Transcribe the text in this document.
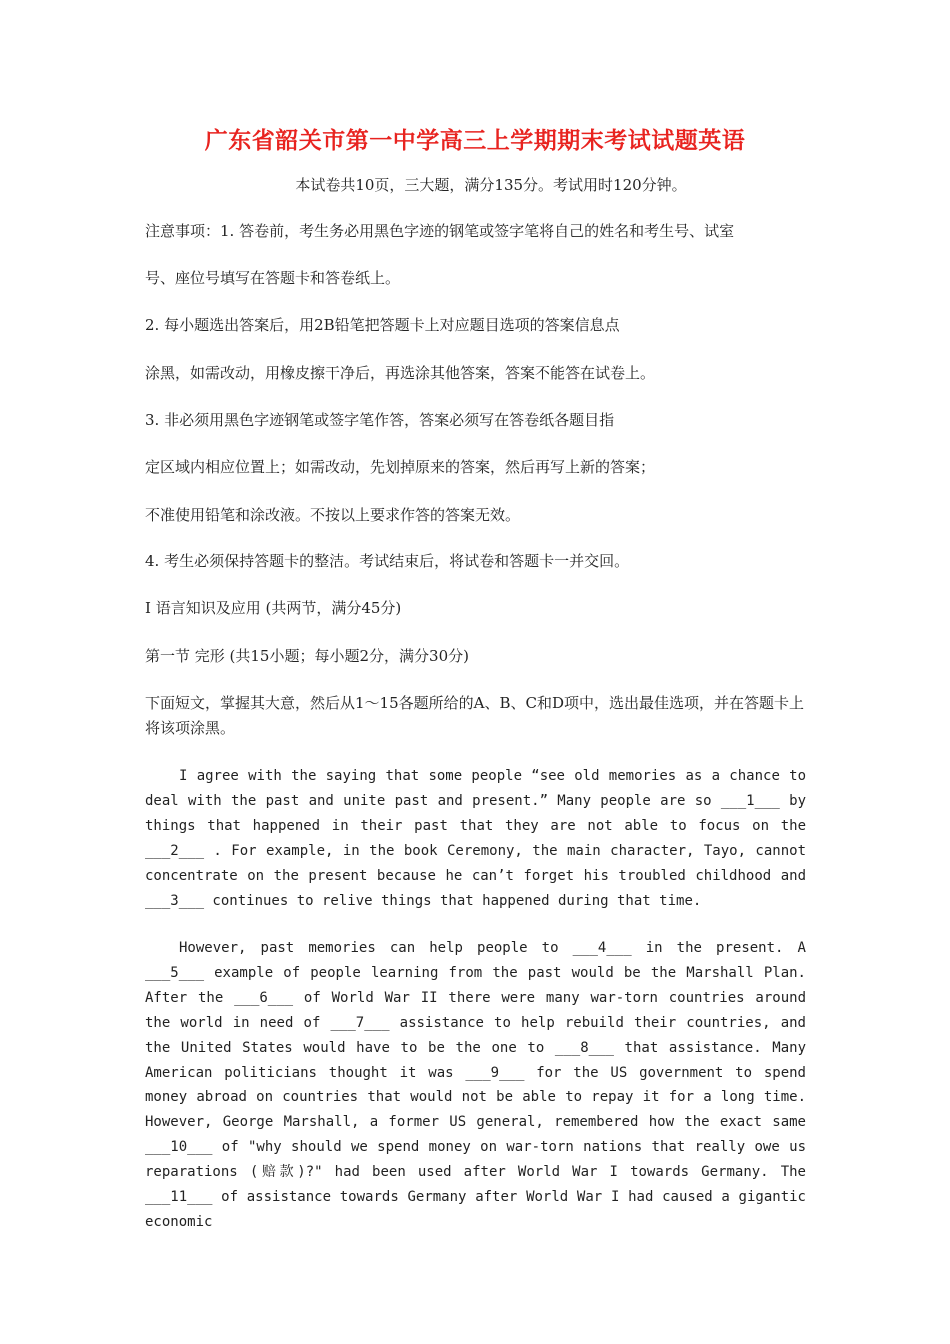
广东省韶关市第一中学高三上学期期末考试试题英语
本试卷共10页，三大题，满分135分。考试用时120分钟。
注意事项：1. 答卷前，考生务必用黑色字迹的钢笔或签字笔将自己的姓名和考生号、试室
号、座位号填写在答题卡和答卷纸上。
2. 每小题选出答案后，用2B铅笔把答题卡上对应题目选项的答案信息点
涂黑，如需改动，用橡皮擦干净后，再选涂其他答案，答案不能答在试卷上。
3. 非必须用黑色字迹钢笔或签字笔作答，答案必须写在答卷纸各题目指
定区域内相应位置上；如需改动，先划掉原来的答案，然后再写上新的答案；
不准使用铅笔和涂改液。不按以上要求作答的答案无效。
4. 考生必须保持答题卡的整洁。考试结束后，将试卷和答题卡一并交回。
I 语言知识及应用 (共两节，满分45分)
第一节 完形 (共15小题；每小题2分，满分30分)
下面短文，掌握其大意，然后从1～15各题所给的A、B、C和D项中，选出最佳选项，并在答题卡上将该项涂黑。
I agree with the saying that some people “see old memories as a chance to deal with the past and unite past and present.” Many people are so ___1___ by things that happened in their past that they are not able to focus on the ___2___ . For example, in the book Ceremony, the main character, Tayo, cannot concentrate on the present because he can’t forget his troubled childhood and ___3___ continues to relive things that happened during that time.
However, past memories can help people to ___4___ in the present. A ___5___ example of people learning from the past would be the Marshall Plan. After the ___6___ of World War II there were many war-torn countries around the world in need of ___7___ assistance to help rebuild their countries, and the United States would have to be the one to ___8___ that assistance. Many American politicians thought it was ___9___ for the US government to spend money abroad on countries that would not be able to repay it for a long time. However, George Marshall, a former US general, remembered how the exact same ___10___ of "why should we spend money on war-torn nations that really owe us reparations (赔款)?" had been used after World War I towards Germany. The ___11___ of assistance towards Germany after World War I had caused a gigantic economic
